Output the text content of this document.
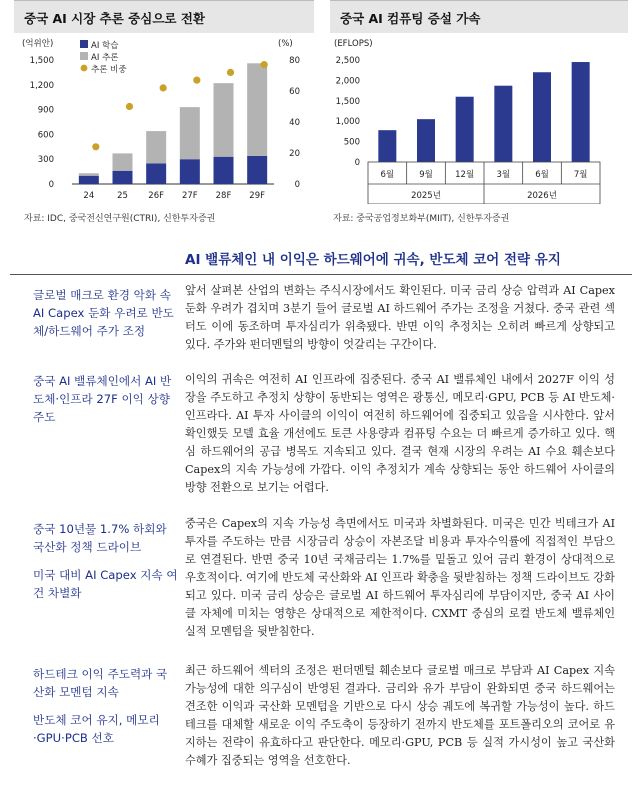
중국 AI 시장 추론 중심으로 전환
(억위안)	(%)
0
300
600
900
1,200
1,500
0
20
40
60
80
24	25 26F 27F 28F 29F
AI 학습
AI 추론
추론 비중
자료: IDC, 중국전신연구원(CTRI), 신한투자증권
중국 AI 컴퓨팅 증설 가속
(EFLOPS)
0
500
1,000
1,500
2,000
2,500
6월	9월	12월	3월	6월	7월
2025년	2026년
자료: 중국공업정보화부(MIIT), 신한투자증권
AI 밸류체인 내 이익은 하드웨어에 귀속, 반도체 코어 전략 유지

글로벌 매크로 환경 악화 속 AI Capex 둔화 우려로 반도체/하드웨어 주가 조정

앞서 살펴본 산업의 변화는 주식시장에서도 확인된다. 미국 금리 상승 압력과 AI Capex 둔화 우려가 겹치며 3분기 들어 글로벌 AI 하드웨어 주가는 조정을 거쳤다. 중국 관련 섹터도 이에 동조하며 투자심리가 위축됐다. 반면 이익 추정치는 오히려 빠르게 상향되고 있다. 주가와 펀더멘털의 방향이 엇갈리는 구간이다.

중국 AI 밸류체인에서 AI 반도체·인프라 27F 이익 상향 주도

이익의 귀속은 여전히 AI 인프라에 집중된다. 중국 AI 밸류체인 내에서 2027F 이익 성장을 주도하고 추정치 상향이 동반되는 영역은 광통신, 메모리·GPU, PCB 등 AI 반도체·인프라다. AI 투자 사이클의 이익이 여전히 하드웨어에 집중되고 있음을 시사한다. 앞서 확인했듯 모델 효율 개선에도 토큰 사용량과 컴퓨팅 수요는 더 빠르게 증가하고 있다. 핵심 하드웨어의 공급 병목도 지속되고 있다. 결국 현재 시장의 우려는 AI 수요 훼손보다 Capex의 지속 가능성에 가깝다. 이익 추정치가 계속 상향되는 동안 하드웨어 사이클의 방향 전환으로 보기는 어렵다.

중국 10년물 1.7% 하회와 국산화 정책 드라이브

미국 대비 AI Capex 지속 여건 차별화

중국은 Capex의 지속 가능성 측면에서도 미국과 차별화된다. 미국은 민간 빅테크가 AI 투자를 주도하는 만큼 시장금리 상승이 자본조달 비용과 투자수익률에 직접적인 부담으로 연결된다. 반면 중국 10년 국채금리는 1.7%를 밑돌고 있어 금리 환경이 상대적으로 우호적이다. 여기에 반도체 국산화와 AI 인프라 확충을 뒷받침하는 정책 드라이브도 강화되고 있다. 미국 금리 상승은 글로벌 AI 하드웨어 투자심리에 부담이지만, 중국 AI 사이클 자체에 미치는 영향은 상대적으로 제한적이다. CXMT 중심의 로컬 반도체 밸류체인 실적 모멘텀을 뒷받침한다.

하드테크 이익 주도력과 국산화 모멘텀 지속

반도체 코어 유지, 메모리·GPU·PCB 선호

최근 하드웨어 섹터의 조정은 펀더멘털 훼손보다 글로벌 매크로 부담과 AI Capex 지속 가능성에 대한 의구심이 반영된 결과다. 금리와 유가 부담이 완화되면 중국 하드웨어는 견조한 이익과 국산화 모멘텀을 기반으로 다시 상승 궤도에 복귀할 가능성이 높다. 하드테크를 대체할 새로운 이익 주도축이 등장하기 전까지 반도체를 포트폴리오의 코어로 유지하는 전략이 유효하다고 판단한다. 메모리·GPU, PCB 등 실적 가시성이 높고 국산화 수혜가 집중되는 영역을 선호한다.
